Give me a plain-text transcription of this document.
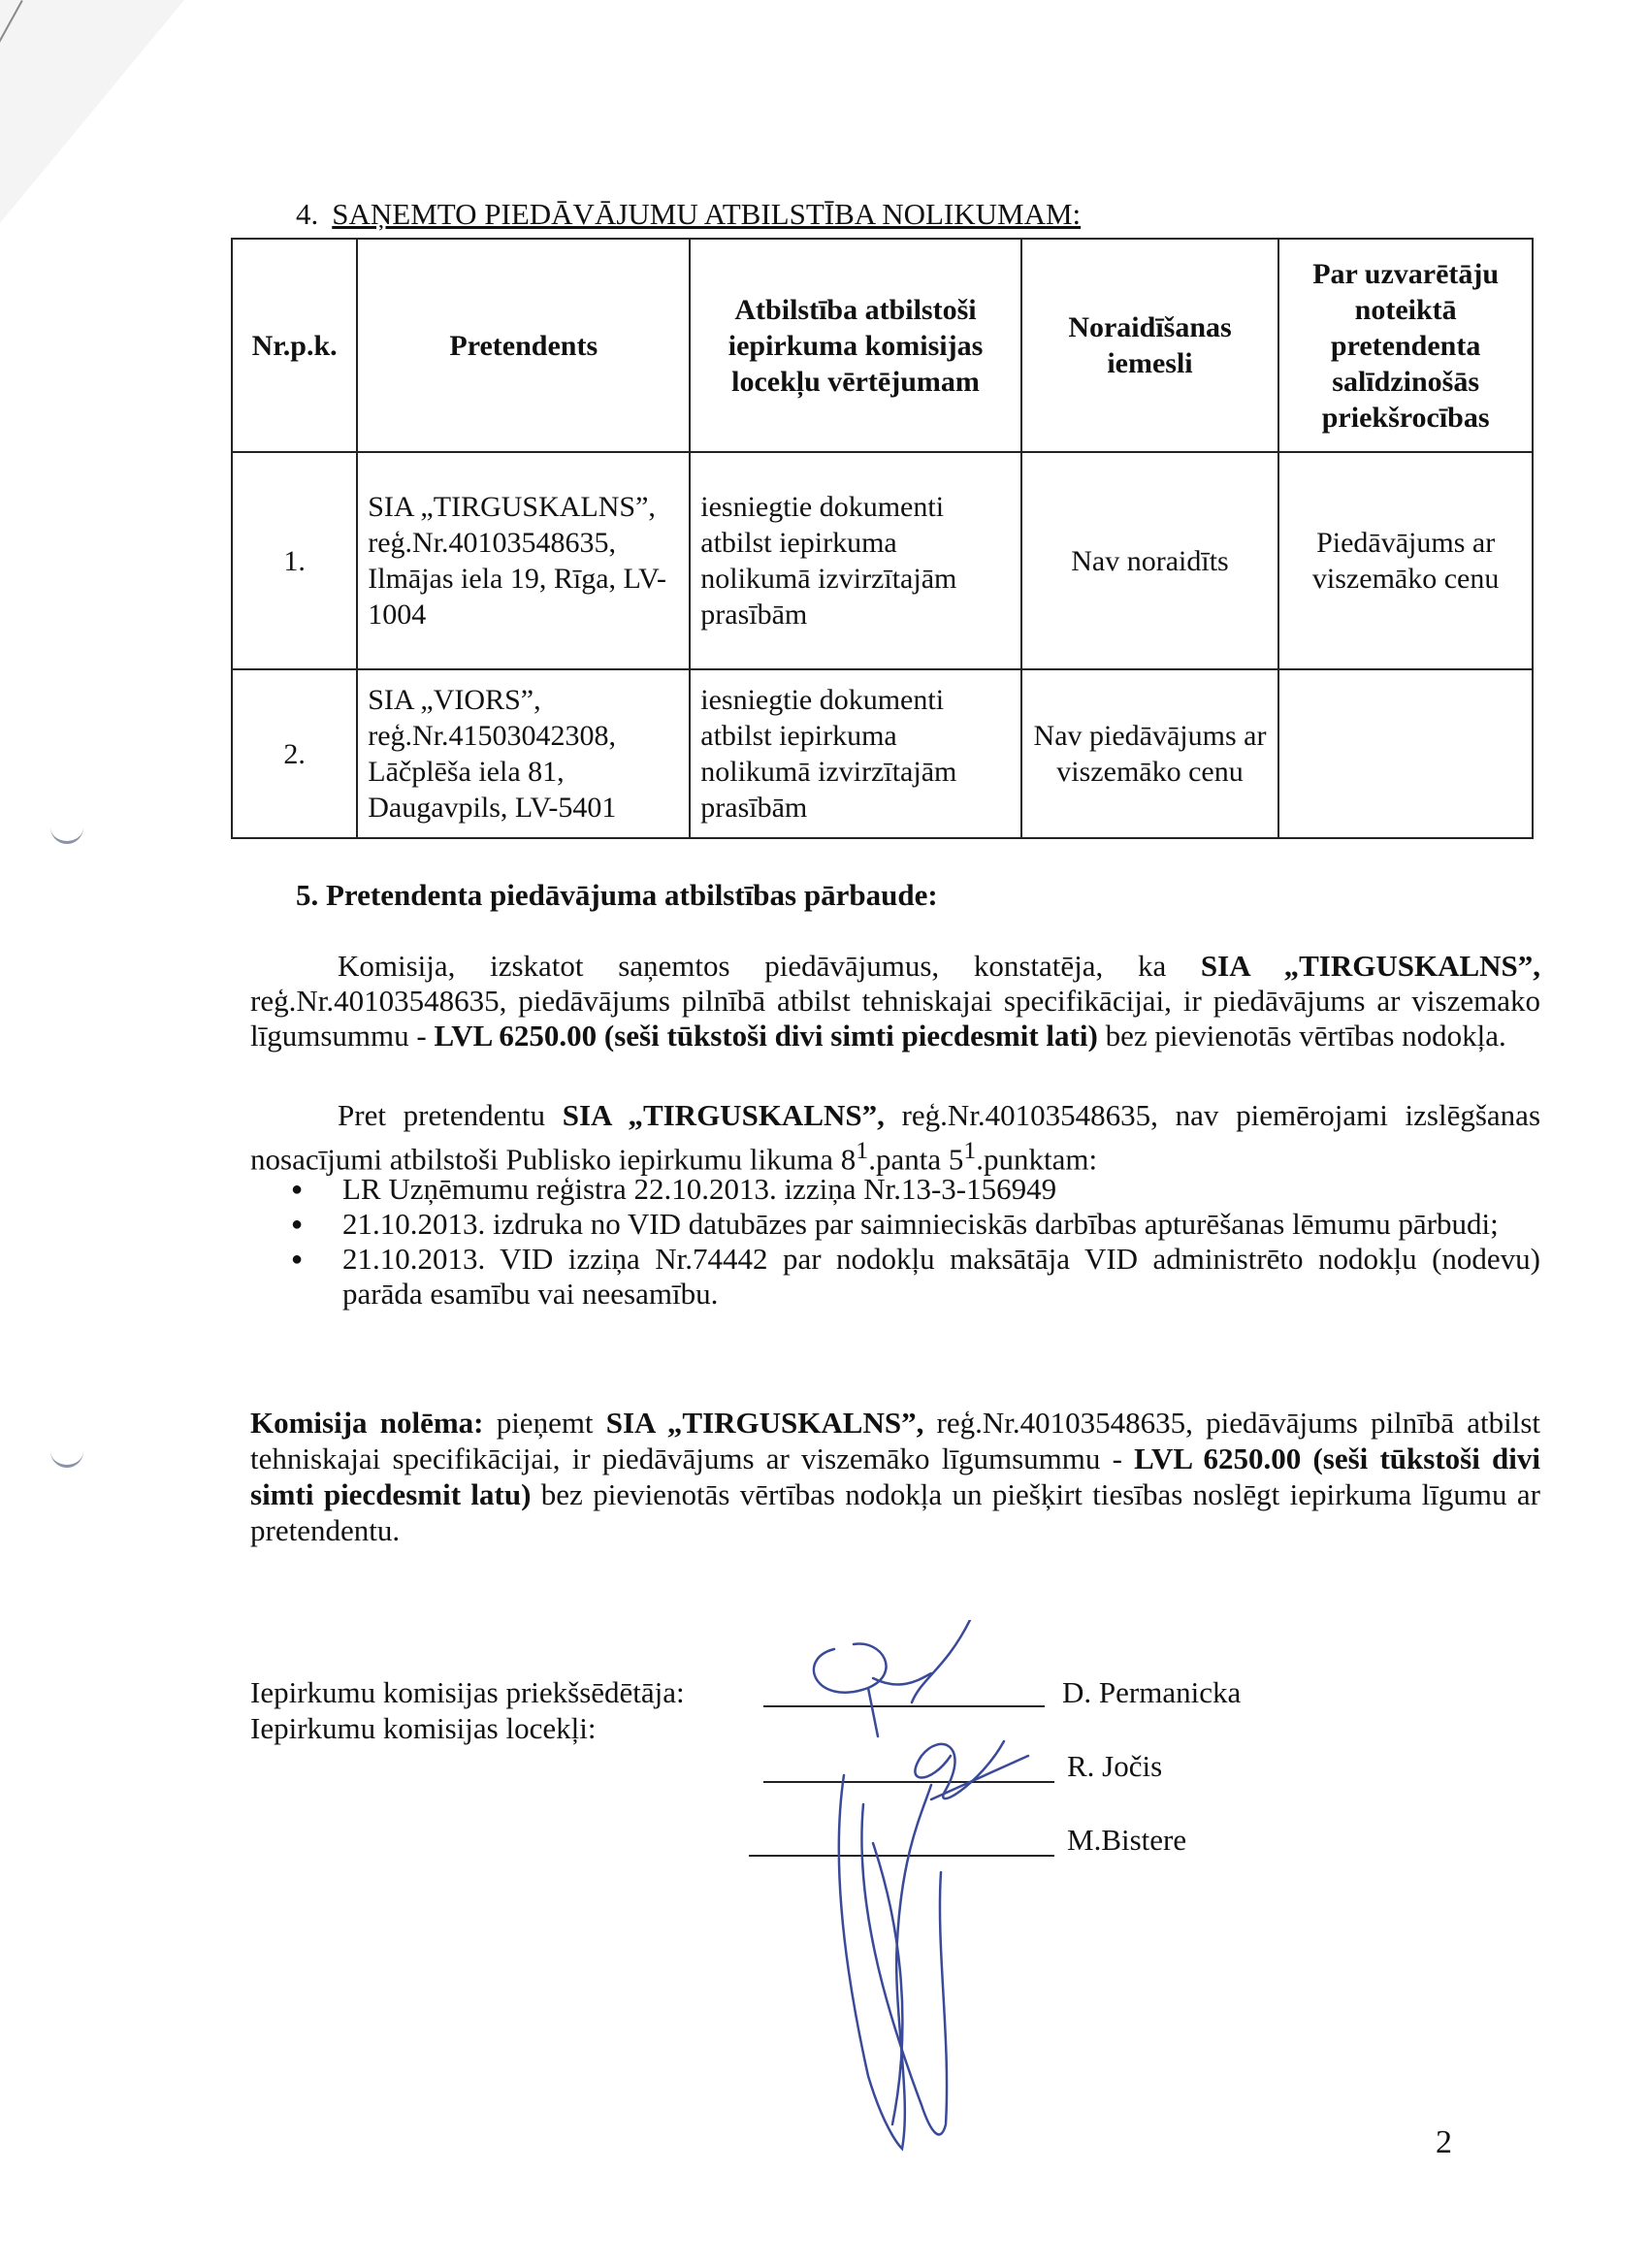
4. SAŅEMTO PIEDĀVĀJUMU ATBILSTĪBA NOLIKUMAM:
Nr.p.k.	Pretendents	Atbilstība atbilstoši iepirkuma komisijas locekļu vērtējumam	Noraidīšanas iemesli	Par uzvarētāju noteiktā pretendenta salīdzinošās priekšrocības
1.	SIA „TIRGUSKALNS”, reģ.Nr.40103548635, Ilmājas iela 19, Rīga, LV-1004	iesniegtie dokumenti atbilst iepirkuma nolikumā izvirzītajām prasībām	Nav noraidīts	Piedāvājums ar viszemāko cenu
2.	SIA „VIORS”, reģ.Nr.41503042308, Lāčplēša iela 81, Daugavpils, LV-5401	iesniegtie dokumenti atbilst iepirkuma nolikumā izvirzītajām prasībām	Nav piedāvājums ar viszemāko cenu	
5. Pretendenta piedāvājuma atbilstības pārbaude:
Komisija, izskatot saņemtos piedāvājumus, konstatēja, ka SIA „TIRGUSKALNS”, reģ.Nr.40103548635, piedāvājums pilnībā atbilst tehniskajai specifikācijai, ir piedāvājums ar viszemako līgumsummu - LVL 6250.00 (seši tūkstoši divi simti piecdesmit lati) bez pievienotās vērtības nodokļa.
Pret pretendentu SIA „TIRGUSKALNS”, reģ.Nr.40103548635, nav piemērojami izslēgšanas nosacījumi atbilstoši Publisko iepirkumu likuma $8^1.panta$ $5^1.punktam$:
● LR Uzņēmumu reģistra 22.10.2013. izziņa Nr.13-3-156949
● 21.10.2013. izdruka no VID datubāzes par saimnieciskās darbības apturēšanas lēmumu pārbudi;
● 21.10.2013. VID izziņa Nr.74442 par nodokļu maksātāja VID administrēto nodokļu (nodevu) parāda esamību vai neesamību.
Komisija nolēma: pieņemt SIA „TIRGUSKALNS”, reģ.Nr.40103548635, piedāvājums pilnībā atbilst tehniskajai specifikācijai, ir piedāvājums ar viszemāko līgumsummu - LVL 6250.00 (seši tūkstoši divi simti piecdesmit latu) bez pievienotās vērtības nodokļa un piešķirt tiesības noslēgt iepirkuma līgumu ar pretendentu.
Iepirkumu komisijas priekšsēdētāja:	D. Permanicka
Iepirkumu komisijas locekļi:
R. Jočis
M.Bistere
2
